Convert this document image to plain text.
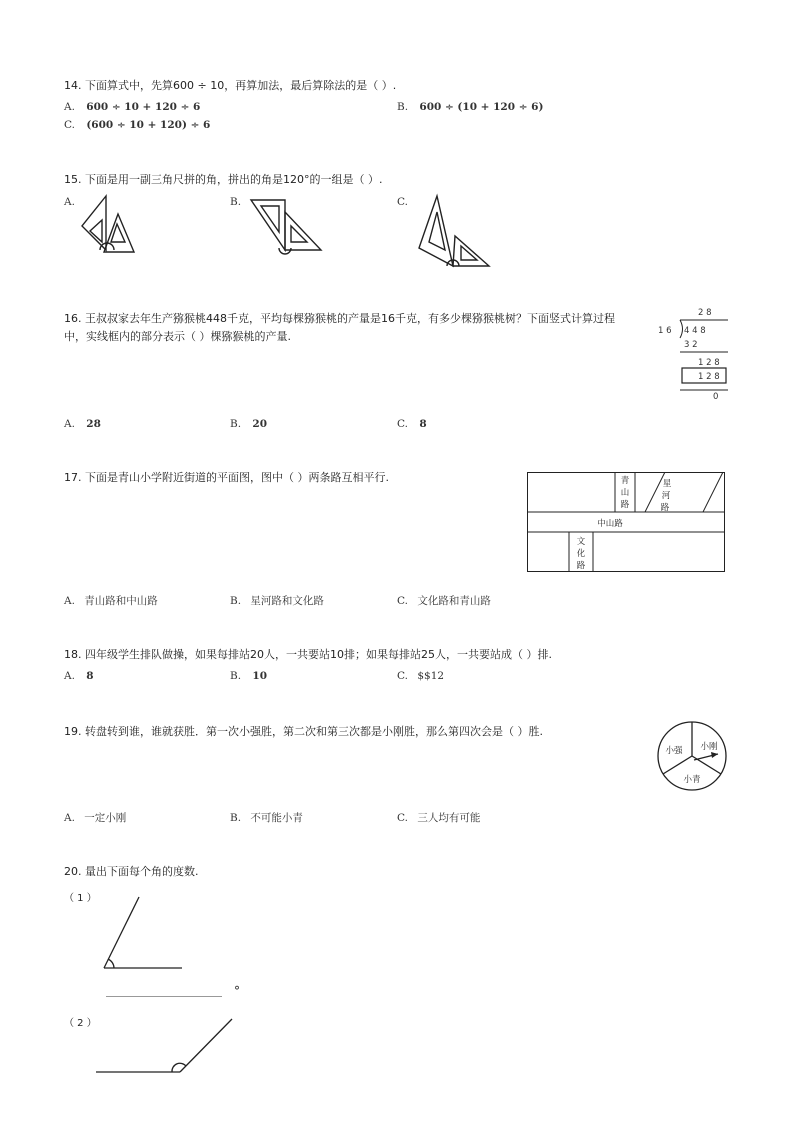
14. 下面算式中，先算600 ÷ 10，再算加法，最后算除法的是（ ）.
A. 600 ÷ 10 + 120 ÷ 6	B. 600 ÷ (10 + 120 ÷ 6)
C. (600 ÷ 10 + 120) ÷ 6
15. 下面是用一副三角尺拼的角，拼出的角是120°的一组是（ ）.
A.	B.	C.
16. 王叔叔家去年生产猕猴桃448千克，平均每棵猕猴桃的产量是16千克，有多少棵猕猴桃树？下面竖式计算过程
中，实线框内的部分表示（ ）棵猕猴桃的产量.
2 8
1 6 4 4 8
3 2
1 2 8
1 2 8
0
A. 28	B. 20	C. 8
17. 下面是青山小学附近街道的平面图，图中（ ）两条路互相平行.	青
山
路
星
河
路
中山路
文
化
路
A. 青山路和中山路	B. 星河路和文化路	C. 文化路和青山路
18. 四年级学生排队做操，如果每排站20人，一共要站10排；如果每排站25人，一共要站成（ ）排.
A. 8	B. 10	C. $$12
19. 转盘转到谁，谁就获胜．第一次小强胜，第二次和第三次都是小刚胜，那么第四次会是（ ）胜.
小强 小刚
小青
A. 一定小刚	B. 不可能小青	C. 三人均有可能
20. 量出下面每个角的度数.
（ 1 ）
°
（ 2 ）
